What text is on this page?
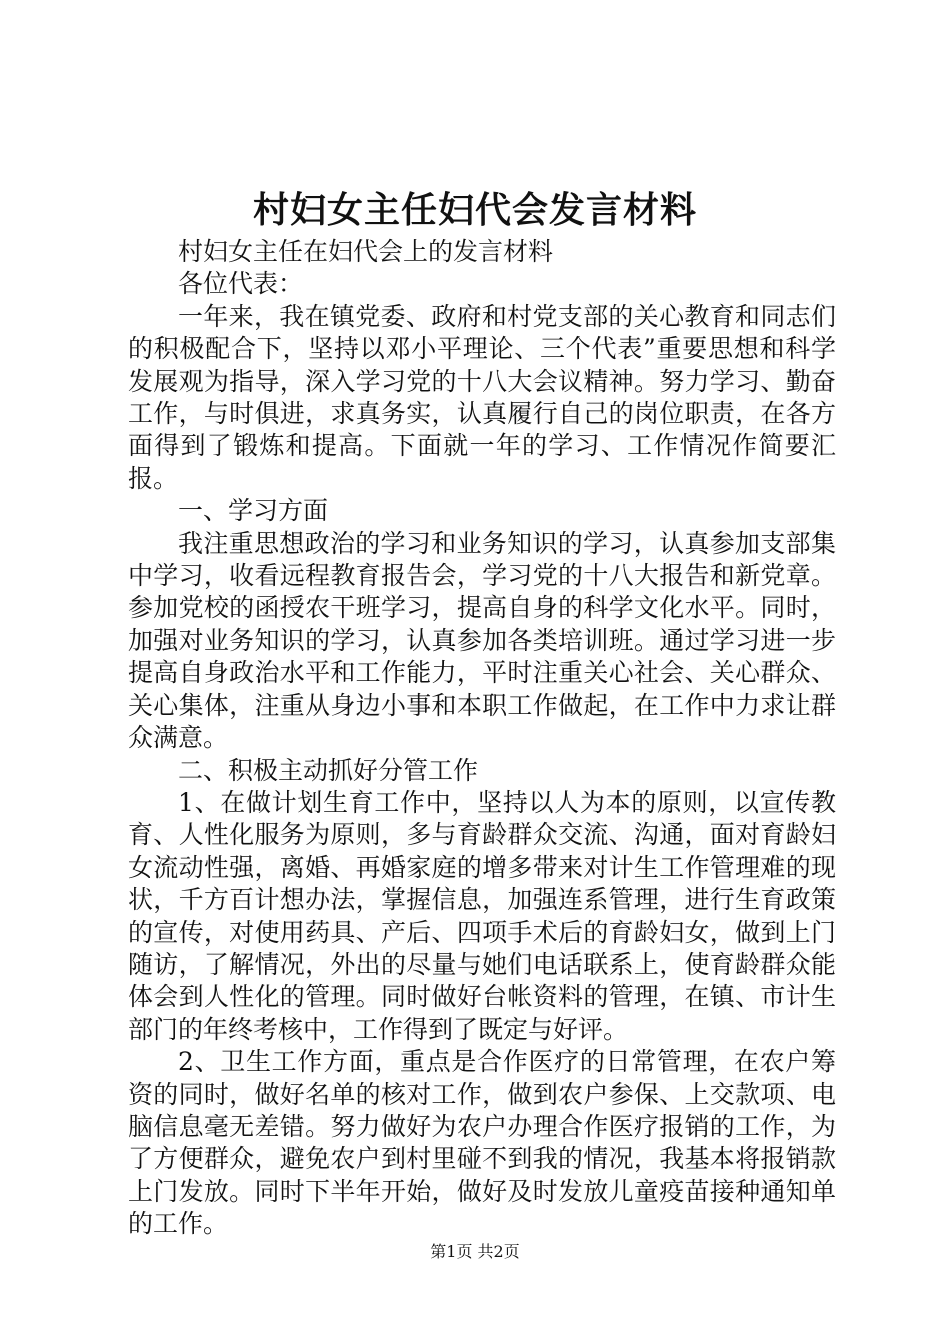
村妇女主任妇代会发言材料

村妇女主任在妇代会上的发言材料

各位代表：

一年来，我在镇党委、政府和村党支部的关心教育和同志们的积极配合下，坚持以邓小平理论、三个代表”重要思想和科学发展观为指导，深入学习党的十八大会议精神。努力学习、勤奋工作，与时俱进，求真务实，认真履行自己的岗位职责，在各方面得到了锻炼和提高。下面就一年的学习、工作情况作简要汇报。

一、学习方面

我注重思想政治的学习和业务知识的学习，认真参加支部集中学习，收看远程教育报告会，学习党的十八大报告和新党章。参加党校的函授农干班学习，提高自身的科学文化水平。同时，加强对业务知识的学习，认真参加各类培训班。通过学习进一步提高自身政治水平和工作能力，平时注重关心社会、关心群众、关心集体，注重从身边小事和本职工作做起，在工作中力求让群众满意。

二、积极主动抓好分管工作

1、在做计划生育工作中，坚持以人为本的原则，以宣传教育、人性化服务为原则，多与育龄群众交流、沟通，面对育龄妇女流动性强，离婚、再婚家庭的增多带来对计生工作管理难的现状，千方百计想办法，掌握信息，加强连系管理，进行生育政策的宣传，对使用药具、产后、四项手术后的育龄妇女，做到上门随访，了解情况，外出的尽量与她们电话联系上，使育龄群众能体会到人性化的管理。同时做好台帐资料的管理，在镇、市计生部门的年终考核中，工作得到了既定与好评。

2、卫生工作方面，重点是合作医疗的日常管理，在农户筹资的同时，做好名单的核对工作，做到农户参保、上交款项、电脑信息毫无差错。努力做好为农户办理合作医疗报销的工作，为了方便群众，避免农户到村里碰不到我的情况，我基本将报销款上门发放。同时下半年开始，做好及时发放儿童疫苗接种通知单的工作。

第1页 共2页
